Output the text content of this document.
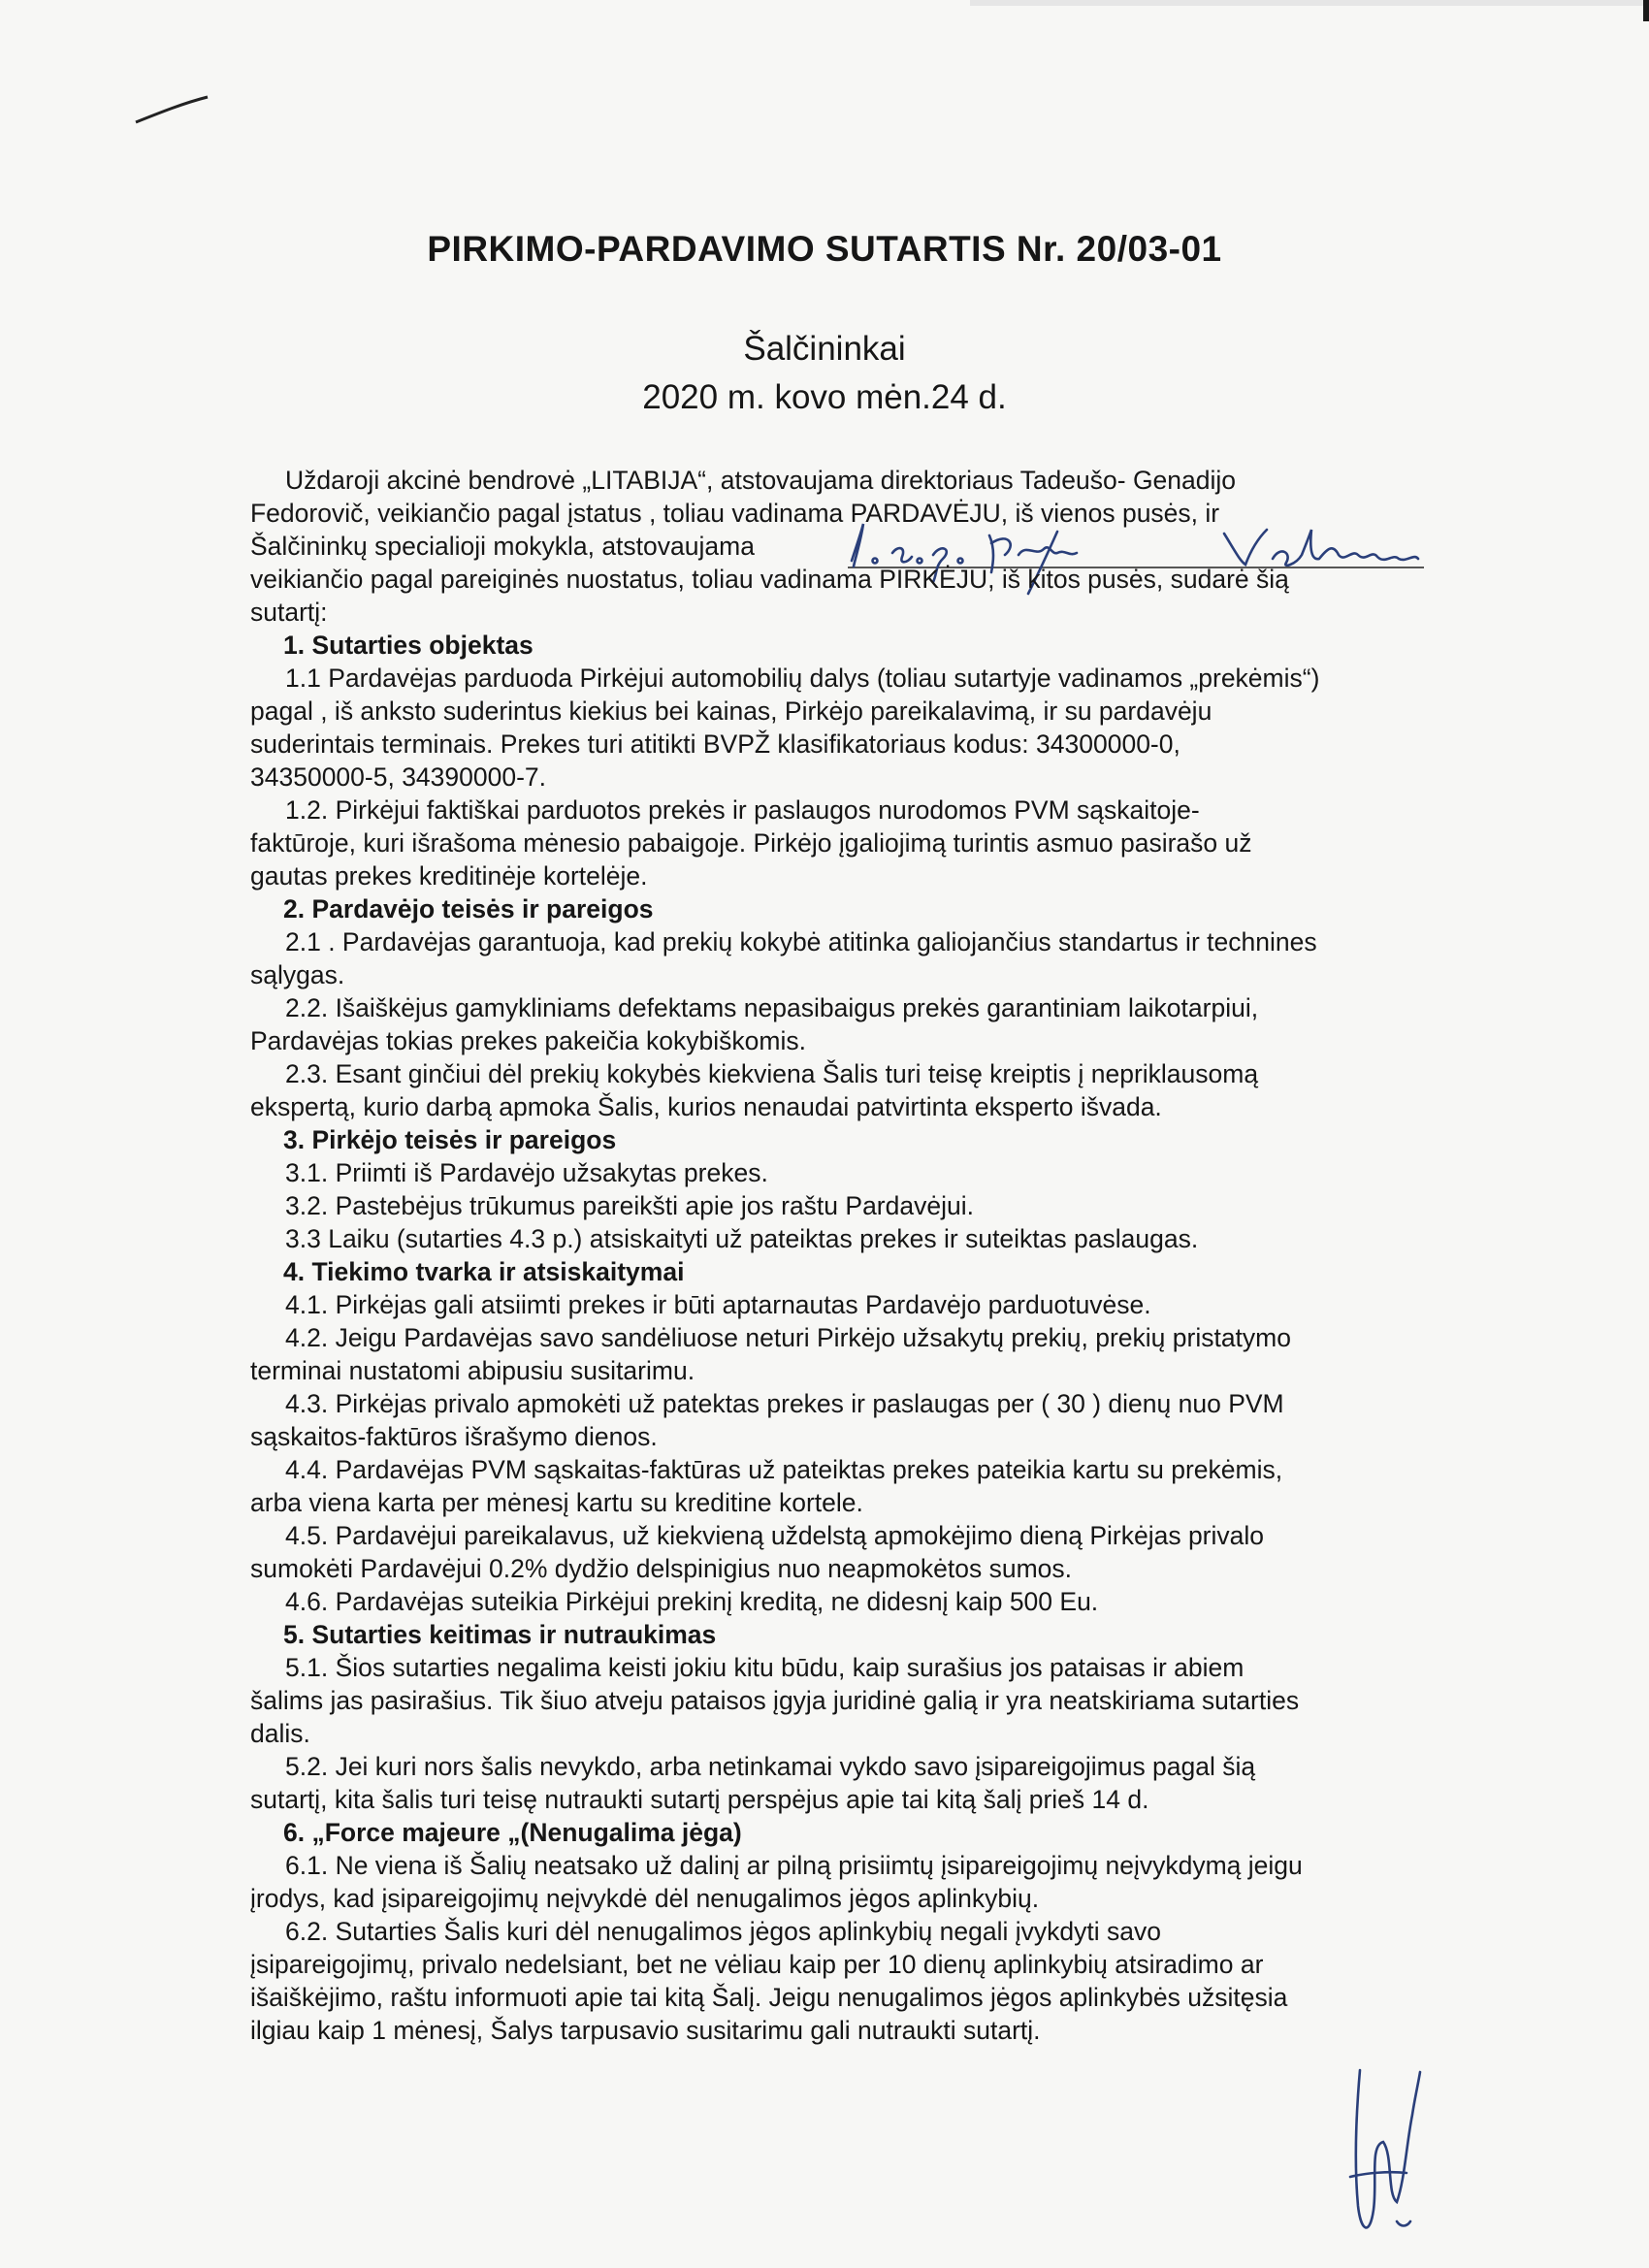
PIRKIMO-PARDAVIMO SUTARTIS Nr. 20/03-01

Šalčininkai

2020 m. kovo mėn.24 d.

Uždaroji akcinė bendrovė „LITABIJA“, atstovaujama direktoriaus Tadeušo- Genadijo

Fedorovič, veikiančio pagal įstatus , toliau vadinama PARDAVĖJU, iš vienos pusės, ir

Šalčininkų specialioji mokykla, atstovaujama

veikiančio pagal pareiginės nuostatus, toliau vadinama PIRKĖJU, iš kitos pusės, sudarė šią

sutartį:

1. Sutarties objektas

1.1 Pardavėjas parduoda Pirkėjui automobilių dalys (toliau sutartyje vadinamos „prekėmis“)

pagal , iš anksto suderintus kiekius bei kainas, Pirkėjo pareikalavimą, ir su pardavėju

suderintais terminais. Prekes turi atitikti BVPŽ klasifikatoriaus kodus: 34300000-0,

34350000-5, 34390000-7.

1.2. Pirkėjui faktiškai parduotos prekės ir paslaugos nurodomos PVM sąskaitoje-

faktūroje, kuri išrašoma mėnesio pabaigoje. Pirkėjo įgaliojimą turintis asmuo pasirašo už

gautas prekes kreditinėje kortelėje.

2. Pardavėjo teisės ir pareigos

2.1 . Pardavėjas garantuoja, kad prekių kokybė atitinka galiojančius standartus ir technines

sąlygas.

2.2. Išaiškėjus gamykliniams defektams nepasibaigus prekės garantiniam laikotarpiui,

Pardavėjas tokias prekes pakeičia kokybiškomis.

2.3. Esant ginčiui dėl prekių kokybės kiekviena Šalis turi teisę kreiptis į nepriklausomą

ekspertą, kurio darbą apmoka Šalis, kurios nenaudai patvirtinta eksperto išvada.

3. Pirkėjo teisės ir pareigos

3.1. Priimti iš Pardavėjo užsakytas prekes.

3.2. Pastebėjus trūkumus pareikšti apie jos raštu Pardavėjui.

3.3 Laiku (sutarties 4.3 p.) atsiskaityti už pateiktas prekes ir suteiktas paslaugas.

4. Tiekimo tvarka ir atsiskaitymai

4.1. Pirkėjas gali atsiimti prekes ir būti aptarnautas Pardavėjo parduotuvėse.

4.2. Jeigu Pardavėjas savo sandėliuose neturi Pirkėjo užsakytų prekių, prekių pristatymo

terminai nustatomi abipusiu susitarimu.

4.3. Pirkėjas privalo apmokėti už patektas prekes ir paslaugas per ( 30 ) dienų nuo PVM

sąskaitos-faktūros išrašymo dienos.

4.4. Pardavėjas PVM sąskaitas-faktūras už pateiktas prekes pateikia kartu su prekėmis,

arba viena karta per mėnesį kartu su kreditine kortele.

4.5. Pardavėjui pareikalavus, už kiekvieną uždelstą apmokėjimo dieną Pirkėjas privalo

sumokėti Pardavėjui 0.2% dydžio delspinigius nuo neapmokėtos sumos.

4.6. Pardavėjas suteikia Pirkėjui prekinį kreditą, ne didesnį kaip 500 Eu.

5. Sutarties keitimas ir nutraukimas

5.1. Šios sutarties negalima keisti jokiu kitu būdu, kaip surašius jos pataisas ir abiem

šalims jas pasirašius. Tik šiuo atveju pataisos įgyja juridinė galią ir yra neatskiriama sutarties

dalis.

5.2. Jei kuri nors šalis nevykdo, arba netinkamai vykdo savo įsipareigojimus pagal šią

sutartį, kita šalis turi teisę nutraukti sutartį perspėjus apie tai kitą šalį prieš 14 d.

6. „Force majeure „(Nenugalima jėga)

6.1. Ne viena iš Šalių neatsako už dalinį ar pilną prisiimtų įsipareigojimų neįvykdymą jeigu

įrodys, kad įsipareigojimų neįvykdė dėl nenugalimos jėgos aplinkybių.

6.2. Sutarties Šalis kuri dėl nenugalimos jėgos aplinkybių negali įvykdyti savo

įsipareigojimų, privalo nedelsiant, bet ne vėliau kaip per 10 dienų aplinkybių atsiradimo ar

išaiškėjimo, raštu informuoti apie tai kitą Šalį. Jeigu nenugalimos jėgos aplinkybės užsitęsia

ilgiau kaip 1 mėnesį, Šalys tarpusavio susitarimu gali nutraukti sutartį.
